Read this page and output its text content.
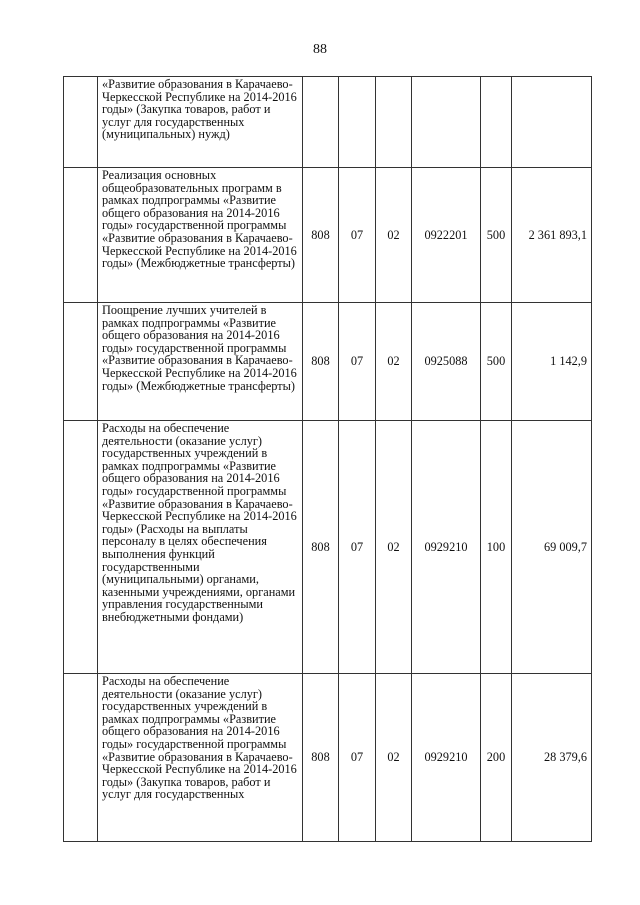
88
	«Развитие образования в Карачаево-Черкесской Республике на 2014-2016 годы» (Закупка товаров, работ и услуг для государственных (муниципальных) нужд)						
	Реализация основных общеобразовательных программ в рамках подпрограммы «Развитие общего образования на 2014-2016 годы» государственной программы «Развитие образования в Карачаево-Черкесской Республике на 2014-2016 годы» (Межбюджетные трансферты)	808	07	02	0922201	500	2 361 893,1
	Поощрение лучших учителей в рамках подпрограммы «Развитие общего образования на 2014-2016 годы» государственной программы «Развитие образования в Карачаево-Черкесской Республике на 2014-2016 годы» (Межбюджетные трансферты)	808	07	02	0925088	500	1 142,9
	Расходы на обеспечение деятельности (оказание услуг) государственных учреждений в рамках подпрограммы «Развитие общего образования на 2014-2016 годы» государственной программы «Развитие образования в Карачаево-Черкесской Республике на 2014-2016 годы» (Расходы на выплаты персоналу в целях обеспечения выполнения функций государственными (муниципальными) органами, казенными учреждениями, органами управления государственными внебюджетными фондами)	808	07	02	0929210	100	69 009,7
	Расходы на обеспечение деятельности (оказание услуг) государственных учреждений в рамках подпрограммы «Развитие общего образования на 2014-2016 годы» государственной программы «Развитие образования в Карачаево-Черкесской Республике на 2014-2016 годы» (Закупка товаров, работ и услуг для государственных	808	07	02	0929210	200	28 379,6
